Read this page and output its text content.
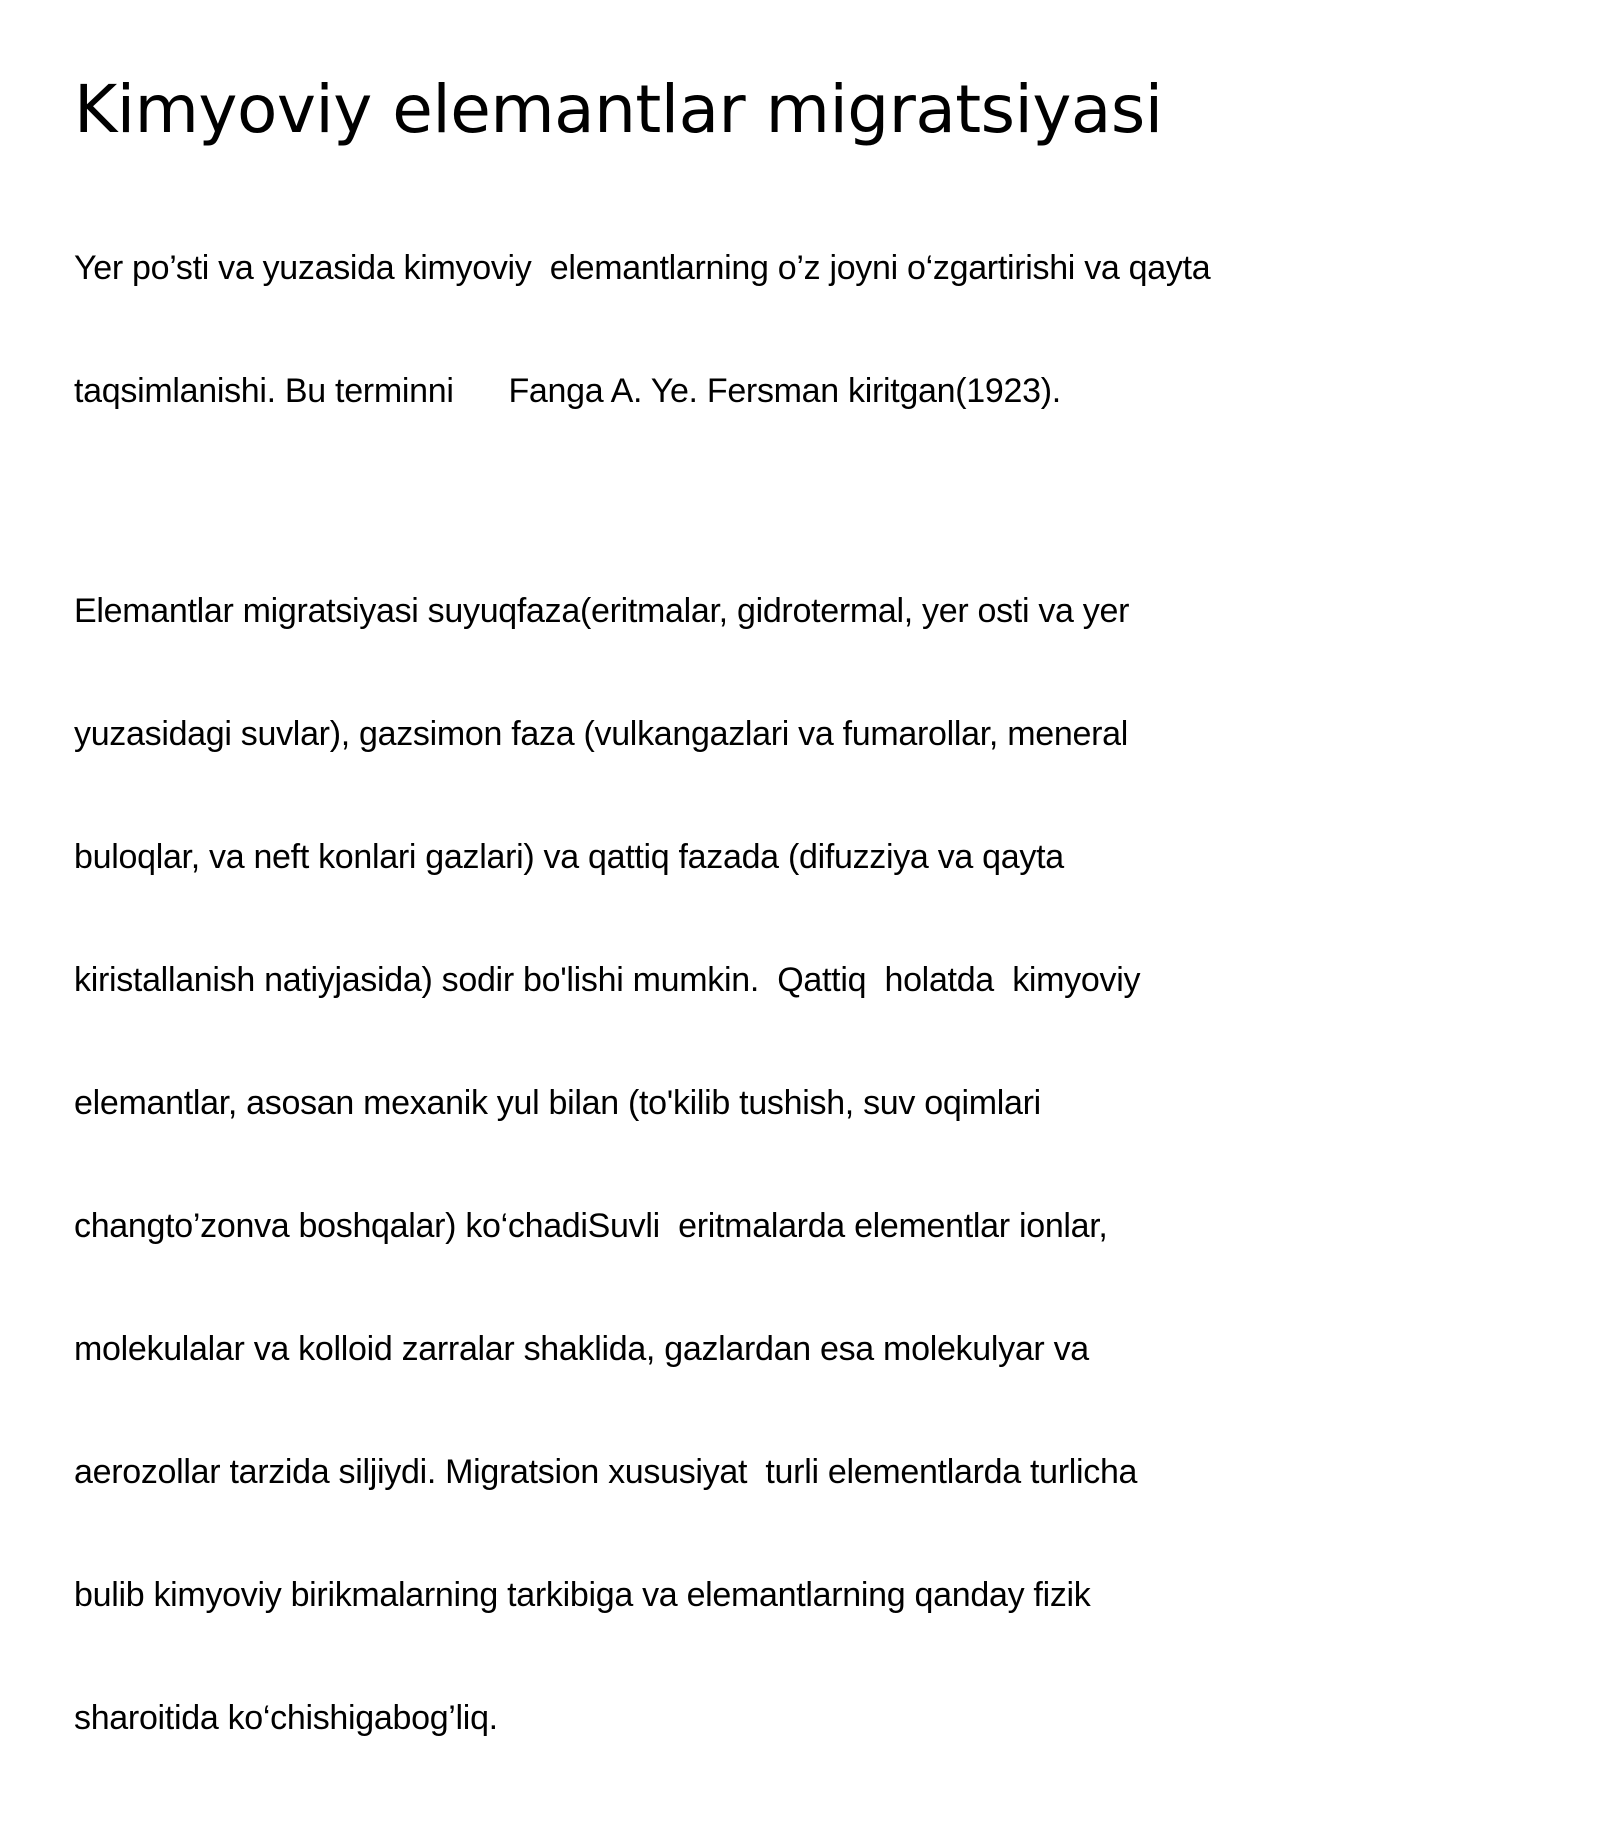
Kimyoviy elemantlar migratsiyasi

Yer po’sti va yuzasida kimyoviy  elemantlarning o’z joyni o‘zgartirishi va qayta

taqsimlanishi. Bu terminni      Fanga A. Ye. Fersman kiritgan(1923).

Elemantlar migratsiyasi suyuqfaza(eritmalar, gidrotermal, yer osti va yer

yuzasidagi suvlar), gazsimon faza (vulkangazlari va fumarollar, meneral

buloqlar, va neft konlari gazlari) va qattiq fazada (difuzziya va qayta

kiristallanish natiyjasida) sodir bo'lishi mumkin.  Qattiq  holatda  kimyoviy

elemantlar, asosan mexanik yul bilan (to'kilib tushish, suv oqimlari

changto’zonva boshqalar) ko‘chadiSuvli  eritmalarda elementlar ionlar,

molekulalar va kolloid zarralar shaklida, gazlardan esa molekulyar va

aerozollar tarzida siljiydi. Migratsion xususiyat  turli elementlarda turlicha

bulib kimyoviy birikmalarning tarkibiga va elemantlarning qanday fizik

sharoitida ko‘chishigabog’liq.
